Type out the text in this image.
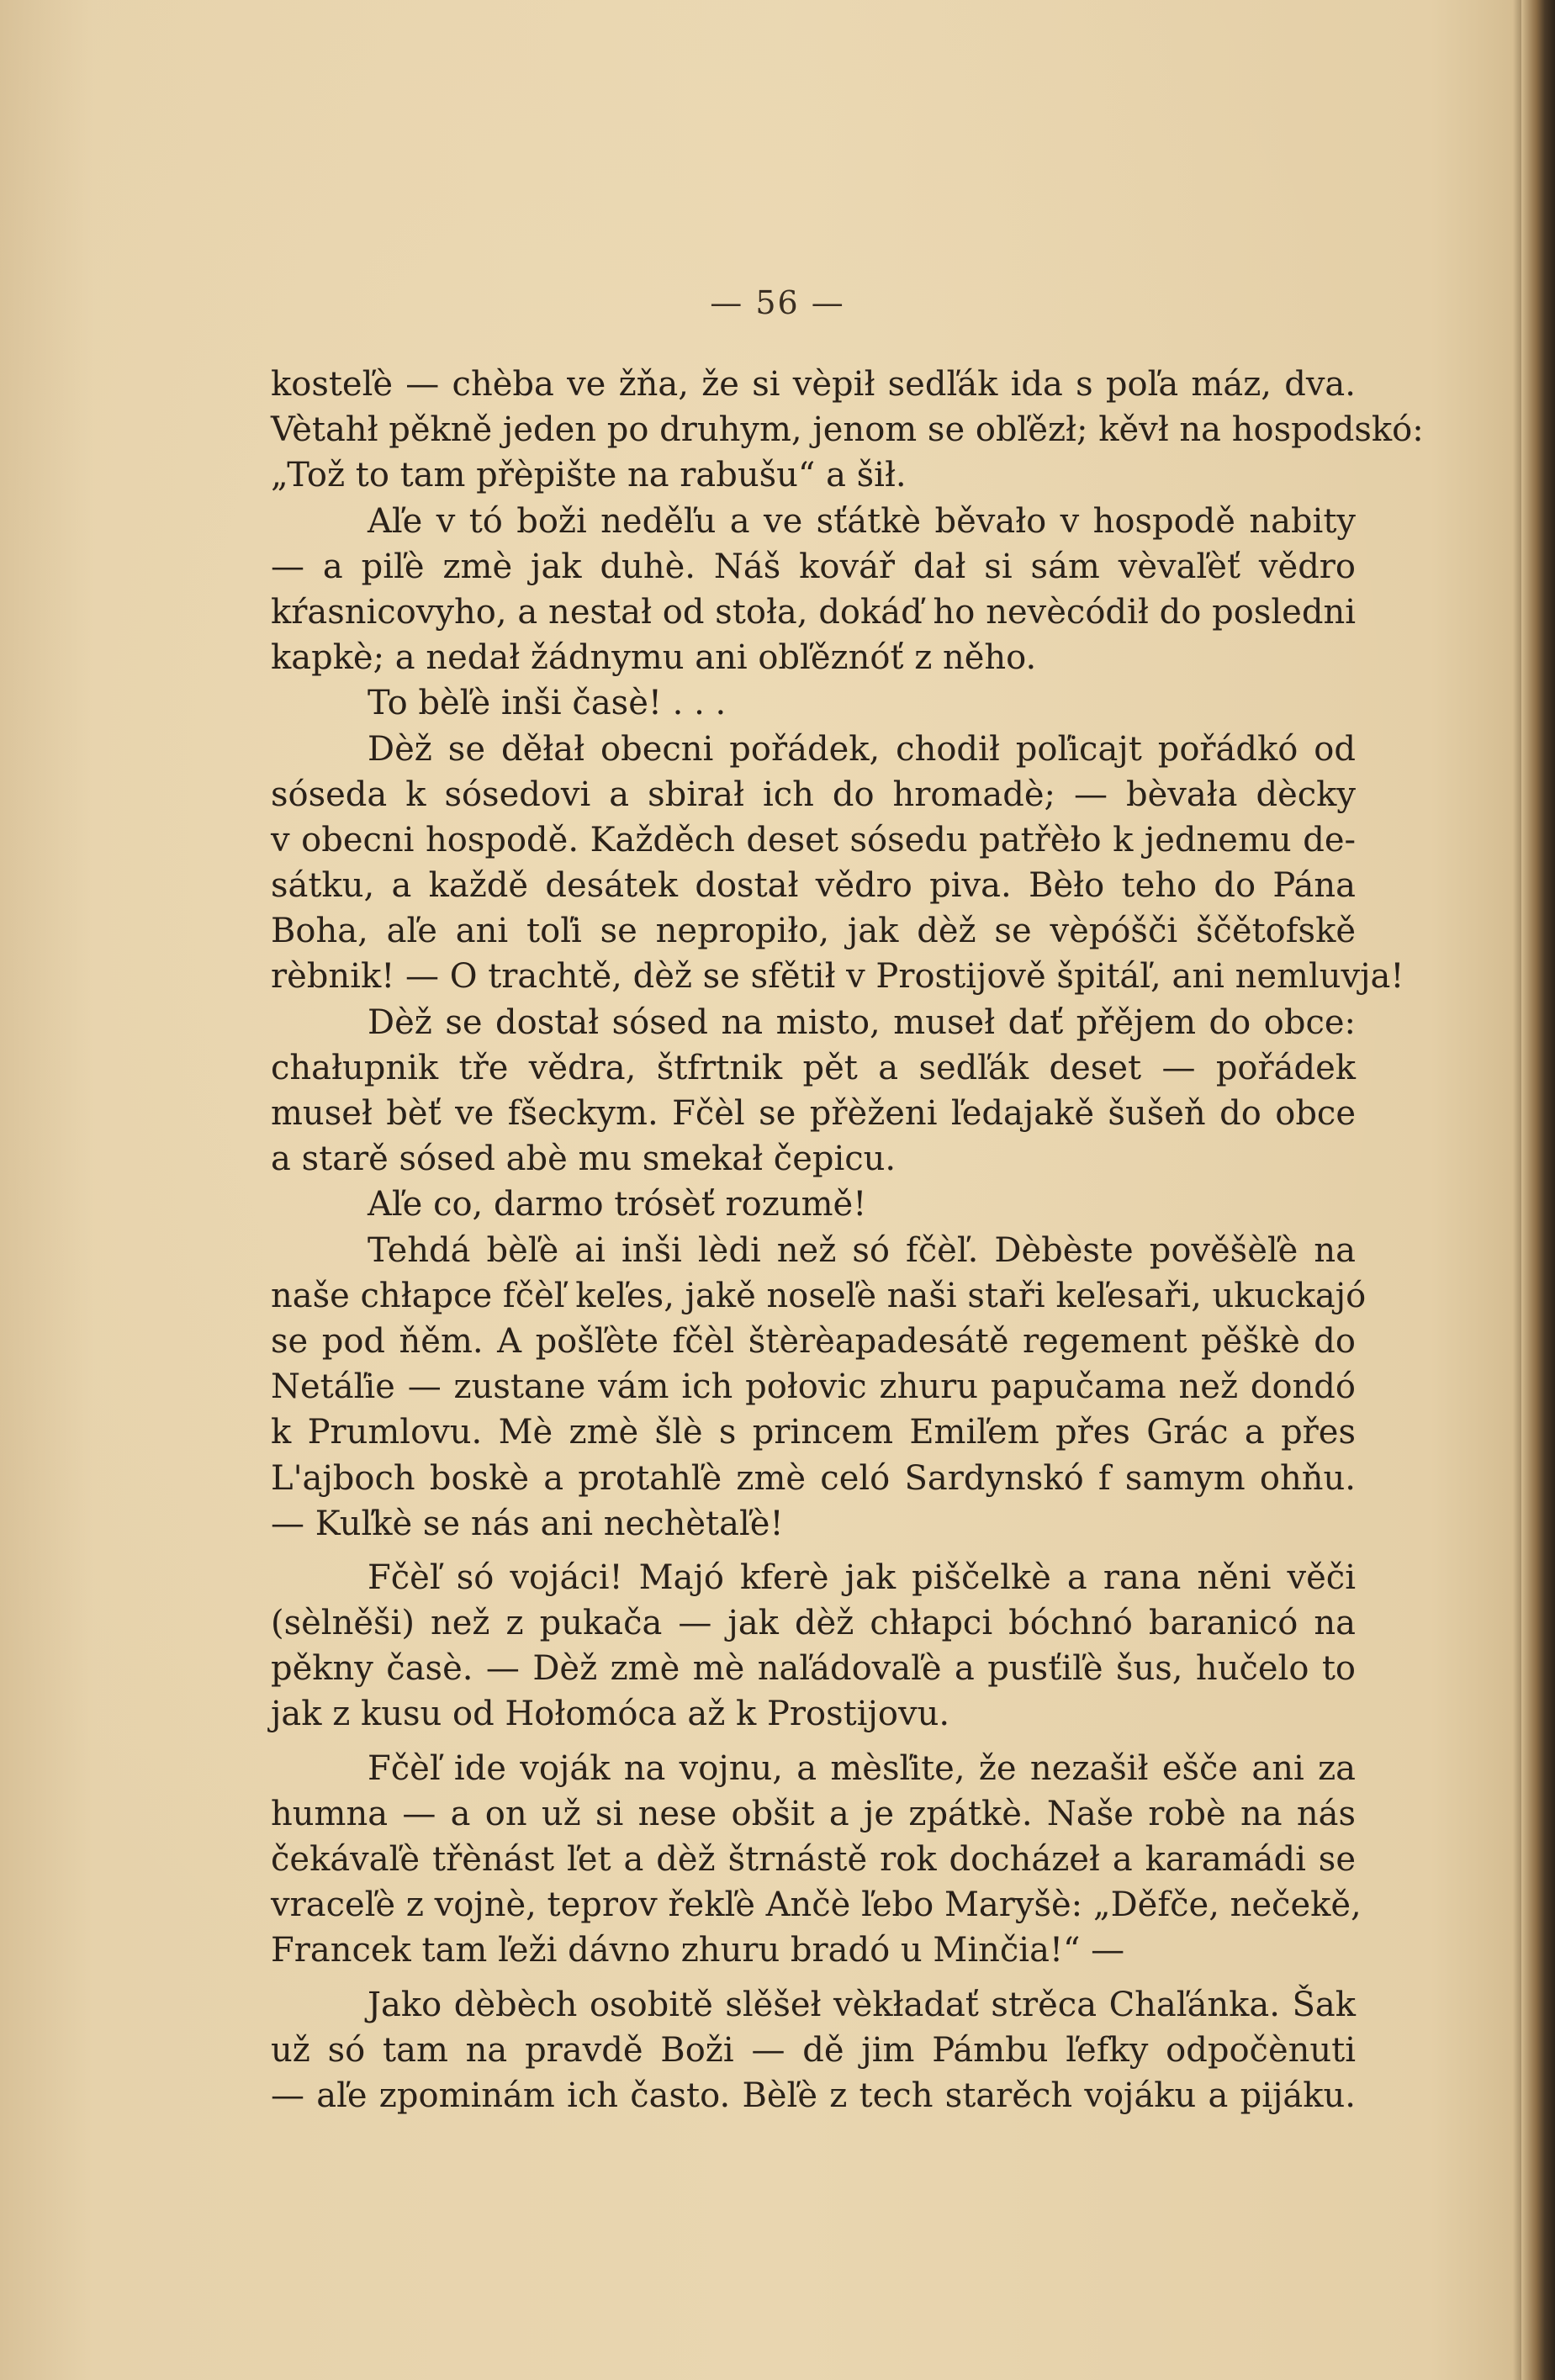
— 56 —
kosteľè — chèba ve žňa, že si vèpił sedľák ida s poľa máz, dva.
Vètahł pěkně jeden po druhym, jenom se obľězł; kěvł na hospodskó:
„Tož to tam přèpište na rabušu“ a šił.
Aľe v tó boži neděľu a ve sťátkè běvało v hospodě nabity
— a piľè zmè jak duhè. Náš kovář dał si sám vèvaľèť vědro
kŕasnicovyho, a nestał od stoła, dokáď ho nevècódił do posledni
kapkè; a nedał žádnymu ani obľěznóť z něho.
To bèľè inši časè! . . .
Dèž se děłał obecni pořádek, chodił poľicajt pořádkó od
sóseda k sósedovi a sbirał ich do hromadè; — bèvała dècky
v obecni hospodě. Každěch deset sósedu patřèło k jednemu de-
sátku, a každě desátek dostał vědro piva. Bèło teho do Pána
Boha, aľe ani toľi se nepropiło, jak dèž se vèpóšči ščětofskě
rèbnik! — O trachtě, dèž se sfětił v Prostijově špitáľ, ani nemluvja!
Dèž se dostał sósed na misto, museł dať přějem do obce:
chałupnik tře vědra, štfrtnik pět a sedľák deset — pořádek
museł bèť ve fšeckym. Fčèl se přèženi ľedajakě šušeň do obce
a starě sósed abè mu smekał čepicu.
Aľe co, darmo trósèť rozumě!
Tehdá bèľè ai inši lèdi než só fčèľ. Dèbèste pověšèľè na
naše chłapce fčèľ keľes, jakě noseľè naši staři keľesaři, ukuckajó
se pod ňěm. A pošľète fčèl štèrèapadesátě regement pěškè do
Netáľie — zustane vám ich połovic zhuru papučama než dondó
k Prumlovu. Mè zmè šlè s princem Emiľem přes Grác a přes
L'ajboch boskè a protahľè zmè celó Sardynskó f samym ohňu.
— Kuľkè se nás ani nechètaľè!
Fčèľ só vojáci! Majó kferè jak piščelkè a rana něni věči
(sèlněši) než z pukača — jak dèž chłapci bóchnó baranicó na
pěkny časè. — Dèž zmè mè naľádovaľè a pusťiľè šus, hučelo to
jak z kusu od Hołomóca až k Prostijovu.
Fčèľ ide voják na vojnu, a mèsľite, že nezašił ešče ani za
humna — a on už si nese obšit a je zpátkè. Naše robè na nás
čekávaľè třènást ľet a dèž štrnástě rok docházeł a karamádi se
vraceľè z vojnè, teprov řekľè Ančè ľebo Maryšè: „Děfče, nečekě,
Francek tam ľeži dávno zhuru bradó u Minčia!“ —
Jako dèbèch osobitě slěšeł vèkładať strěca Chaľánka. Šak
už só tam na pravdě Boži — dě jim Pámbu ľefky odpočènuti
— aľe zpominám ich často. Bèľè z tech starěch vojáku a pijáku.
